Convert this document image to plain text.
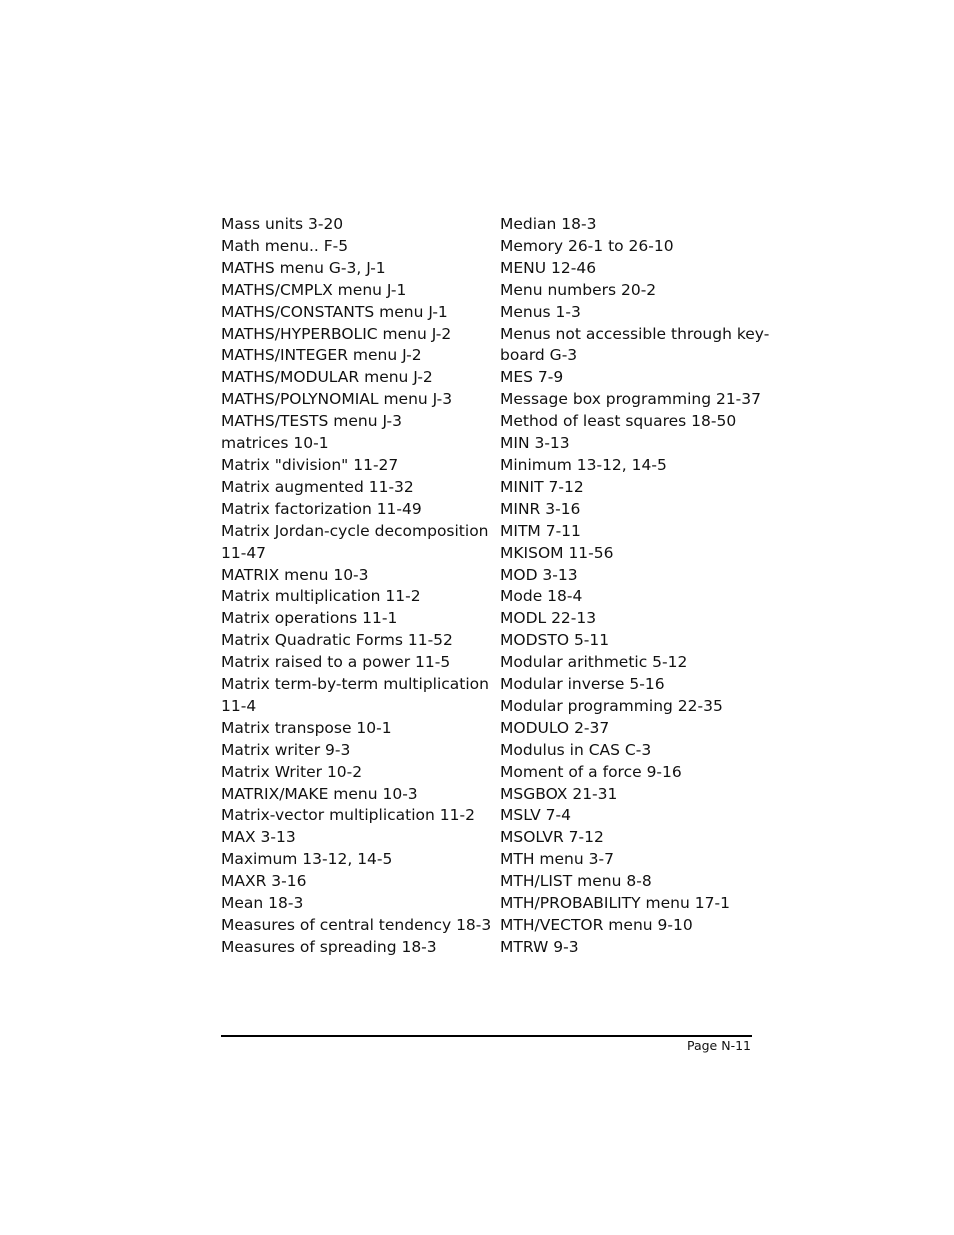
Mass units 3-20
Math menu.. F-5
MATHS menu G-3, J-1
MATHS/CMPLX menu J-1
MATHS/CONSTANTS menu J-1
MATHS/HYPERBOLIC menu J-2
MATHS/INTEGER menu J-2
MATHS/MODULAR menu J-2
MATHS/POLYNOMIAL menu J-3
MATHS/TESTS menu J-3
matrices 10-1
Matrix "division" 11-27
Matrix augmented 11-32
Matrix factorization 11-49
Matrix Jordan-cycle decomposition
11-47
MATRIX menu 10-3
Matrix multiplication 11-2
Matrix operations 11-1
Matrix Quadratic Forms 11-52
Matrix raised to a power 11-5
Matrix term-by-term multiplication
11-4
Matrix transpose 10-1
Matrix writer 9-3
Matrix Writer 10-2
MATRIX/MAKE menu 10-3
Matrix-vector multiplication 11-2
MAX 3-13
Maximum 13-12, 14-5
MAXR 3-16
Mean 18-3
Measures of central tendency 18-3
Measures of spreading 18-3
Median 18-3
Memory 26-1 to 26-10
MENU 12-46
Menu numbers 20-2
Menus 1-3
Menus not accessible through key-
board G-3
MES 7-9
Message box programming 21-37
Method of least squares 18-50
MIN 3-13
Minimum 13-12, 14-5
MINIT 7-12
MINR 3-16
MITM 7-11
MKISOM 11-56
MOD 3-13
Mode 18-4
MODL 22-13
MODSTO 5-11
Modular arithmetic 5-12
Modular inverse 5-16
Modular programming 22-35
MODULO 2-37
Modulus in CAS C-3
Moment of a force 9-16
MSGBOX 21-31
MSLV 7-4
MSOLVR 7-12
MTH menu 3-7
MTH/LIST menu 8-8
MTH/PROBABILITY menu 17-1
MTH/VECTOR menu 9-10
MTRW 9-3
Page N-11
